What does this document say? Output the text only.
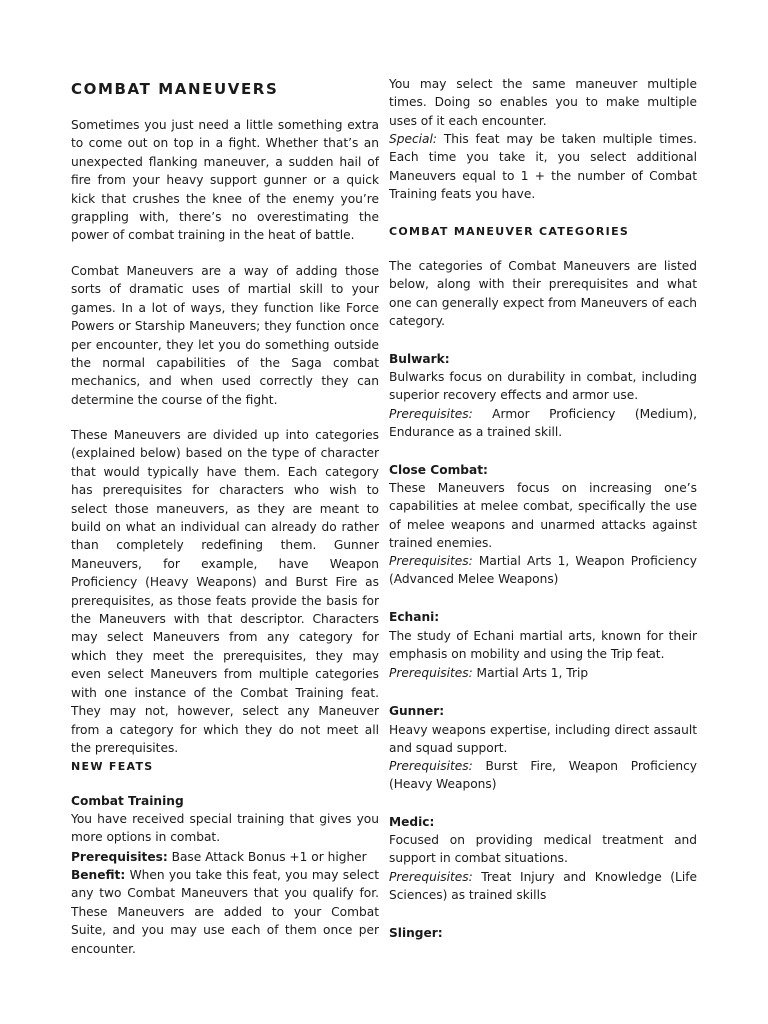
COMBAT MANEUVERS

Sometimes you just need a little something extra to come out on top in a fight. Whether that’s an unexpected flanking maneuver, a sudden hail of fire from your heavy support gunner or a quick kick that crushes the knee of the enemy you’re grappling with, there’s no overestimating the power of combat training in the heat of battle.

Combat Maneuvers are a way of adding those sorts of dramatic uses of martial skill to your games. In a lot of ways, they function like Force Powers or Starship Maneuvers; they function once per encounter, they let you do something outside the normal capabilities of the Saga combat mechanics, and when used correctly they can determine the course of the fight.

These Maneuvers are divided up into categories (explained below) based on the type of character that would typically have them. Each category has prerequisites for characters who wish to select those maneuvers, as they are meant to build on what an individual can already do rather than completely redefining them. Gunner Maneuvers, for example, have Weapon Proficiency (Heavy Weapons) and Burst Fire as prerequisites, as those feats provide the basis for the Maneuvers with that descriptor. Characters may select Maneuvers from any category for which they meet the prerequisites, they may even select Maneuvers from multiple categories with one instance of the Combat Training feat. They may not, however, select any Maneuver from a category for which they do not meet all the prerequisites.

NEW FEATS

Combat Training

You have received special training that gives you more options in combat.

Prerequisites: Base Attack Bonus +1 or higher

Benefit: When you take this feat, you may select any two Combat Maneuvers that you qualify for. These Maneuvers are added to your Combat Suite, and you may use each of them once per encounter.

You may select the same maneuver multiple times. Doing so enables you to make multiple uses of it each encounter.

Special: This feat may be taken multiple times. Each time you take it, you select additional Maneuvers equal to 1 + the number of Combat Training feats you have.

COMBAT MANEUVER CATEGORIES

The categories of Combat Maneuvers are listed below, along with their prerequisites and what one can generally expect from Maneuvers of each category.

Bulwark:

Bulwarks focus on durability in combat, including superior recovery effects and armor use.

Prerequisites: Armor Proficiency (Medium), Endurance as a trained skill.

Close Combat:

These Maneuvers focus on increasing one’s capabilities at melee combat, specifically the use of melee weapons and unarmed attacks against trained enemies.

Prerequisites: Martial Arts 1, Weapon Proficiency (Advanced Melee Weapons)

Echani:

The study of Echani martial arts, known for their emphasis on mobility and using the Trip feat.

Prerequisites: Martial Arts 1, Trip

Gunner:

Heavy weapons expertise, including direct assault and squad support.

Prerequisites: Burst Fire, Weapon Proficiency (Heavy Weapons)

Medic:

Focused on providing medical treatment and support in combat situations.

Prerequisites: Treat Injury and Knowledge (Life Sciences) as trained skills

Slinger:
